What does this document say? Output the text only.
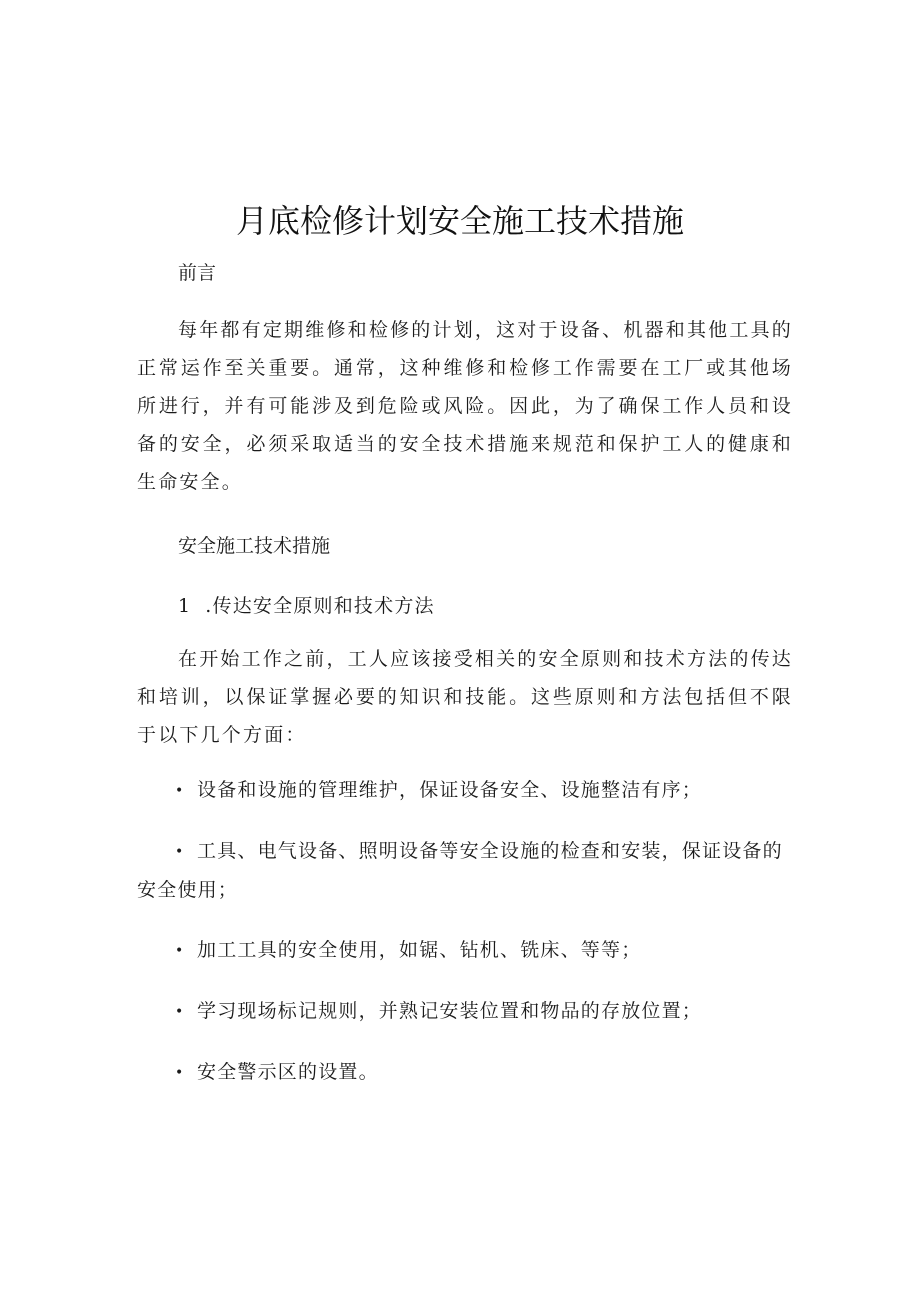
月底检修计划安全施工技术措施

前言

每年都有定期维修和检修的计划，这对于设备、机器和其他工具的正常运作至关重要。通常，这种维修和检修工作需要在工厂或其他场所进行，并有可能涉及到危险或风险。因此，为了确保工作人员和设备的安全，必须采取适当的安全技术措施来规范和保护工人的健康和生命安全。

安全施工技术措施

1 .传达安全原则和技术方法

在开始工作之前，工人应该接受相关的安全原则和技术方法的传达和培训，以保证掌握必要的知识和技能。这些原则和方法包括但不限于以下几个方面：

• 设备和设施的管理维护，保证设备安全、设施整洁有序；

• 工具、电气设备、照明设备等安全设施的检查和安装，保证设备的安全使用；

• 加工工具的安全使用，如锯、钻机、铣床、等等；

• 学习现场标记规则，并熟记安装位置和物品的存放位置；

• 安全警示区的设置。
